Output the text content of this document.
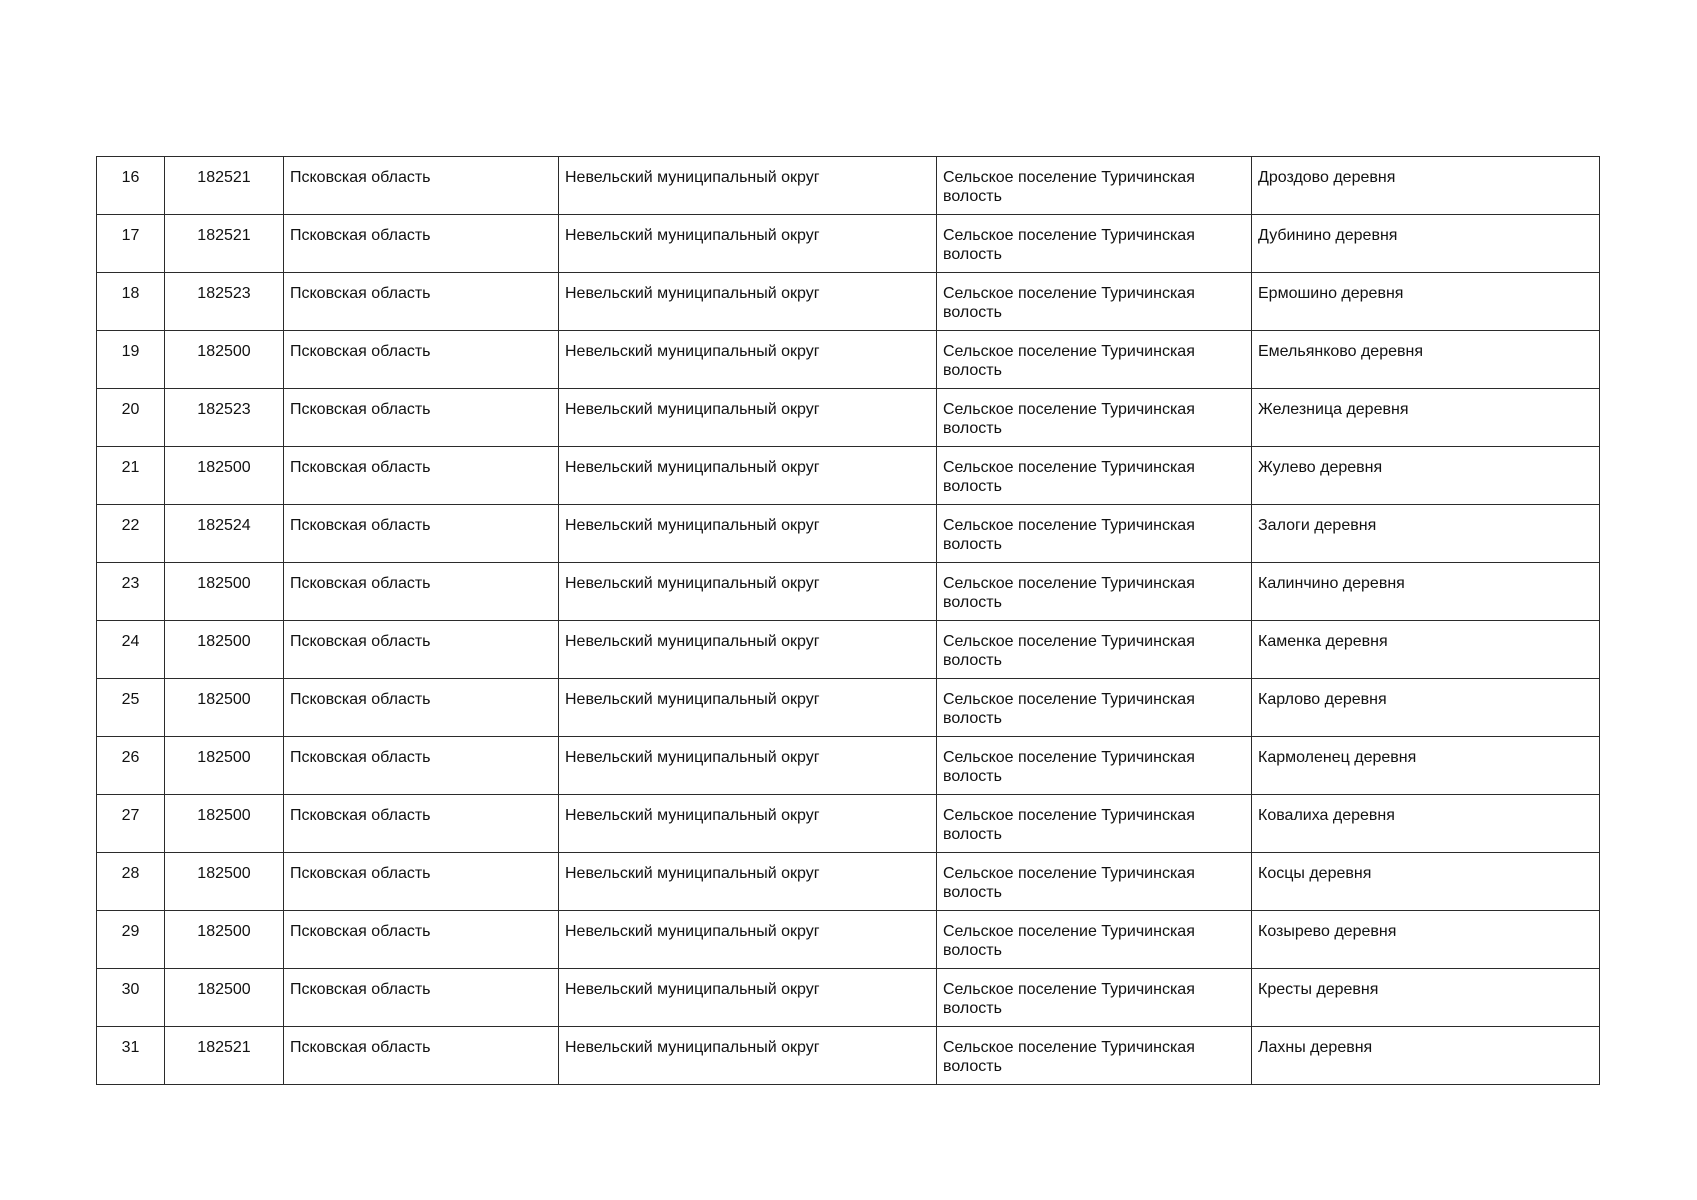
16	182521	Псковская область	Невельский муниципальный округ	Сельское поселение Туричинская волость	Дроздово деревня
17	182521	Псковская область	Невельский муниципальный округ	Сельское поселение Туричинская волость	Дубинино деревня
18	182523	Псковская область	Невельский муниципальный округ	Сельское поселение Туричинская волость	Ермошино деревня
19	182500	Псковская область	Невельский муниципальный округ	Сельское поселение Туричинская волость	Емельянково деревня
20	182523	Псковская область	Невельский муниципальный округ	Сельское поселение Туричинская волость	Железница деревня
21	182500	Псковская область	Невельский муниципальный округ	Сельское поселение Туричинская волость	Жулево деревня
22	182524	Псковская область	Невельский муниципальный округ	Сельское поселение Туричинская волость	Залоги деревня
23	182500	Псковская область	Невельский муниципальный округ	Сельское поселение Туричинская волость	Калинчино деревня
24	182500	Псковская область	Невельский муниципальный округ	Сельское поселение Туричинская волость	Каменка деревня
25	182500	Псковская область	Невельский муниципальный округ	Сельское поселение Туричинская волость	Карлово деревня
26	182500	Псковская область	Невельский муниципальный округ	Сельское поселение Туричинская волость	Кармоленец деревня
27	182500	Псковская область	Невельский муниципальный округ	Сельское поселение Туричинская волость	Ковалиха деревня
28	182500	Псковская область	Невельский муниципальный округ	Сельское поселение Туричинская волость	Косцы деревня
29	182500	Псковская область	Невельский муниципальный округ	Сельское поселение Туричинская волость	Козырево деревня
30	182500	Псковская область	Невельский муниципальный округ	Сельское поселение Туричинская волость	Кресты деревня
31	182521	Псковская область	Невельский муниципальный округ	Сельское поселение Туричинская волость	Лахны деревня
